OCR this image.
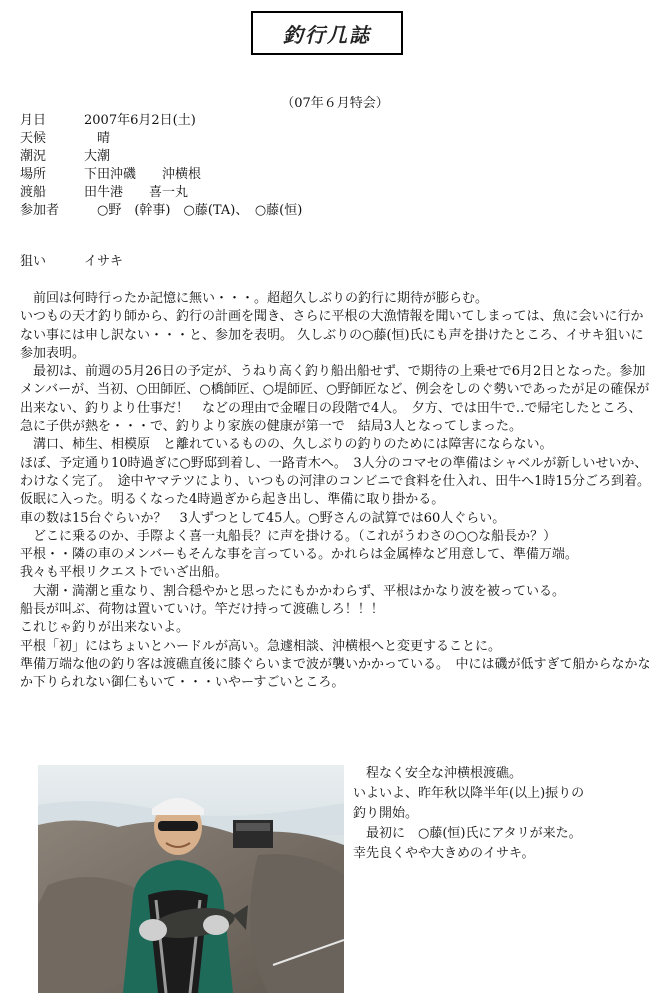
釣行几誌
（07年６月特会）
月日	2007年6月2日(土)
天候	　晴
潮況	大潮
場所	下田沖磯　　沖横根
渡船	田牛港　　喜一丸
参加者	　○野　(幹事)　○藤(TA)、　○藤(恒)
狙い	イサキ

　前回は何時行ったか記憶に無い・・・。超超久しぶりの釣行に期待が膨らむ。

いつもの天才釣り師から、釣行の計画を聞き、さらに平根の大漁情報を聞いてしまっては、魚に会いに行かない事には申し訳ない・・・と、参加を表明。 久しぶりの○藤(恒)氏にも声を掛けたところ、イサキ狙いに参加表明。

　最初は、前週の5月26日の予定が、うねり高く釣り船出船せず、で期待の上乗せで6月2日となった。参加メンバーが、当初、○田師匠、○橋師匠、○堤師匠、○野師匠など、例会をしのぐ勢いであったが足の確保が出来ない、釣りより仕事だ！　などの理由で金曜日の段階で4人。　夕方、では田牛で‥で帰宅したところ、急に子供が熱を・・・で、釣りより家族の健康が第一で　結局3人となってしまった。

　溝口、柿生、相模原　と離れているものの、久しぶりの釣りのためには障害にならない。

ほぼ、予定通り10時過ぎに○野邸到着し、一路青木へ。　3人分のコマセの準備はシャベルが新しいせいか、わけなく完了。　途中ヤマテツにより、いつもの河津のコンビニで食料を仕入れ、田牛へ1時15分ごろ到着。仮眠に入った。明るくなった4時過ぎから起き出し、準備に取り掛かる。

車の数は15台ぐらいか？　3人ずつとして45人。○野さんの試算では60人ぐらい。

　どこに乗るのか、手際よく喜一丸船長？に声を掛ける。（これがうわさの○○な船長か？）

平根・・隣の車のメンバーもそんな事を言っている。かれらは金属棒など用意して、準備万端。

我々も平根リクエストでいざ出船。

　大潮・満潮と重なり、割合穏やかと思ったにもかかわらず、平根はかなり波を被っている。

船長が叫ぶ、荷物は置いていけ。竿だけ持って渡礁しろ！！！

これじゃ釣りが出来ないよ。

平根「初」にはちょいとハードルが高い。急遽相談、沖横根へと変更することに。

準備万端な他の釣り客は渡礁直後に膝ぐらいまで波が襲いかかっている。　中には磯が低すぎて船からなかなか下りられない御仁もいて・・・いやーすごいところ。

　程なく安全な沖横根渡礁。
いよいよ、昨年秋以降半年(以上)振りの
釣り開始。
　最初に　○藤(恒)氏にアタリが来た。
幸先良くやや大きめのイサキ。
